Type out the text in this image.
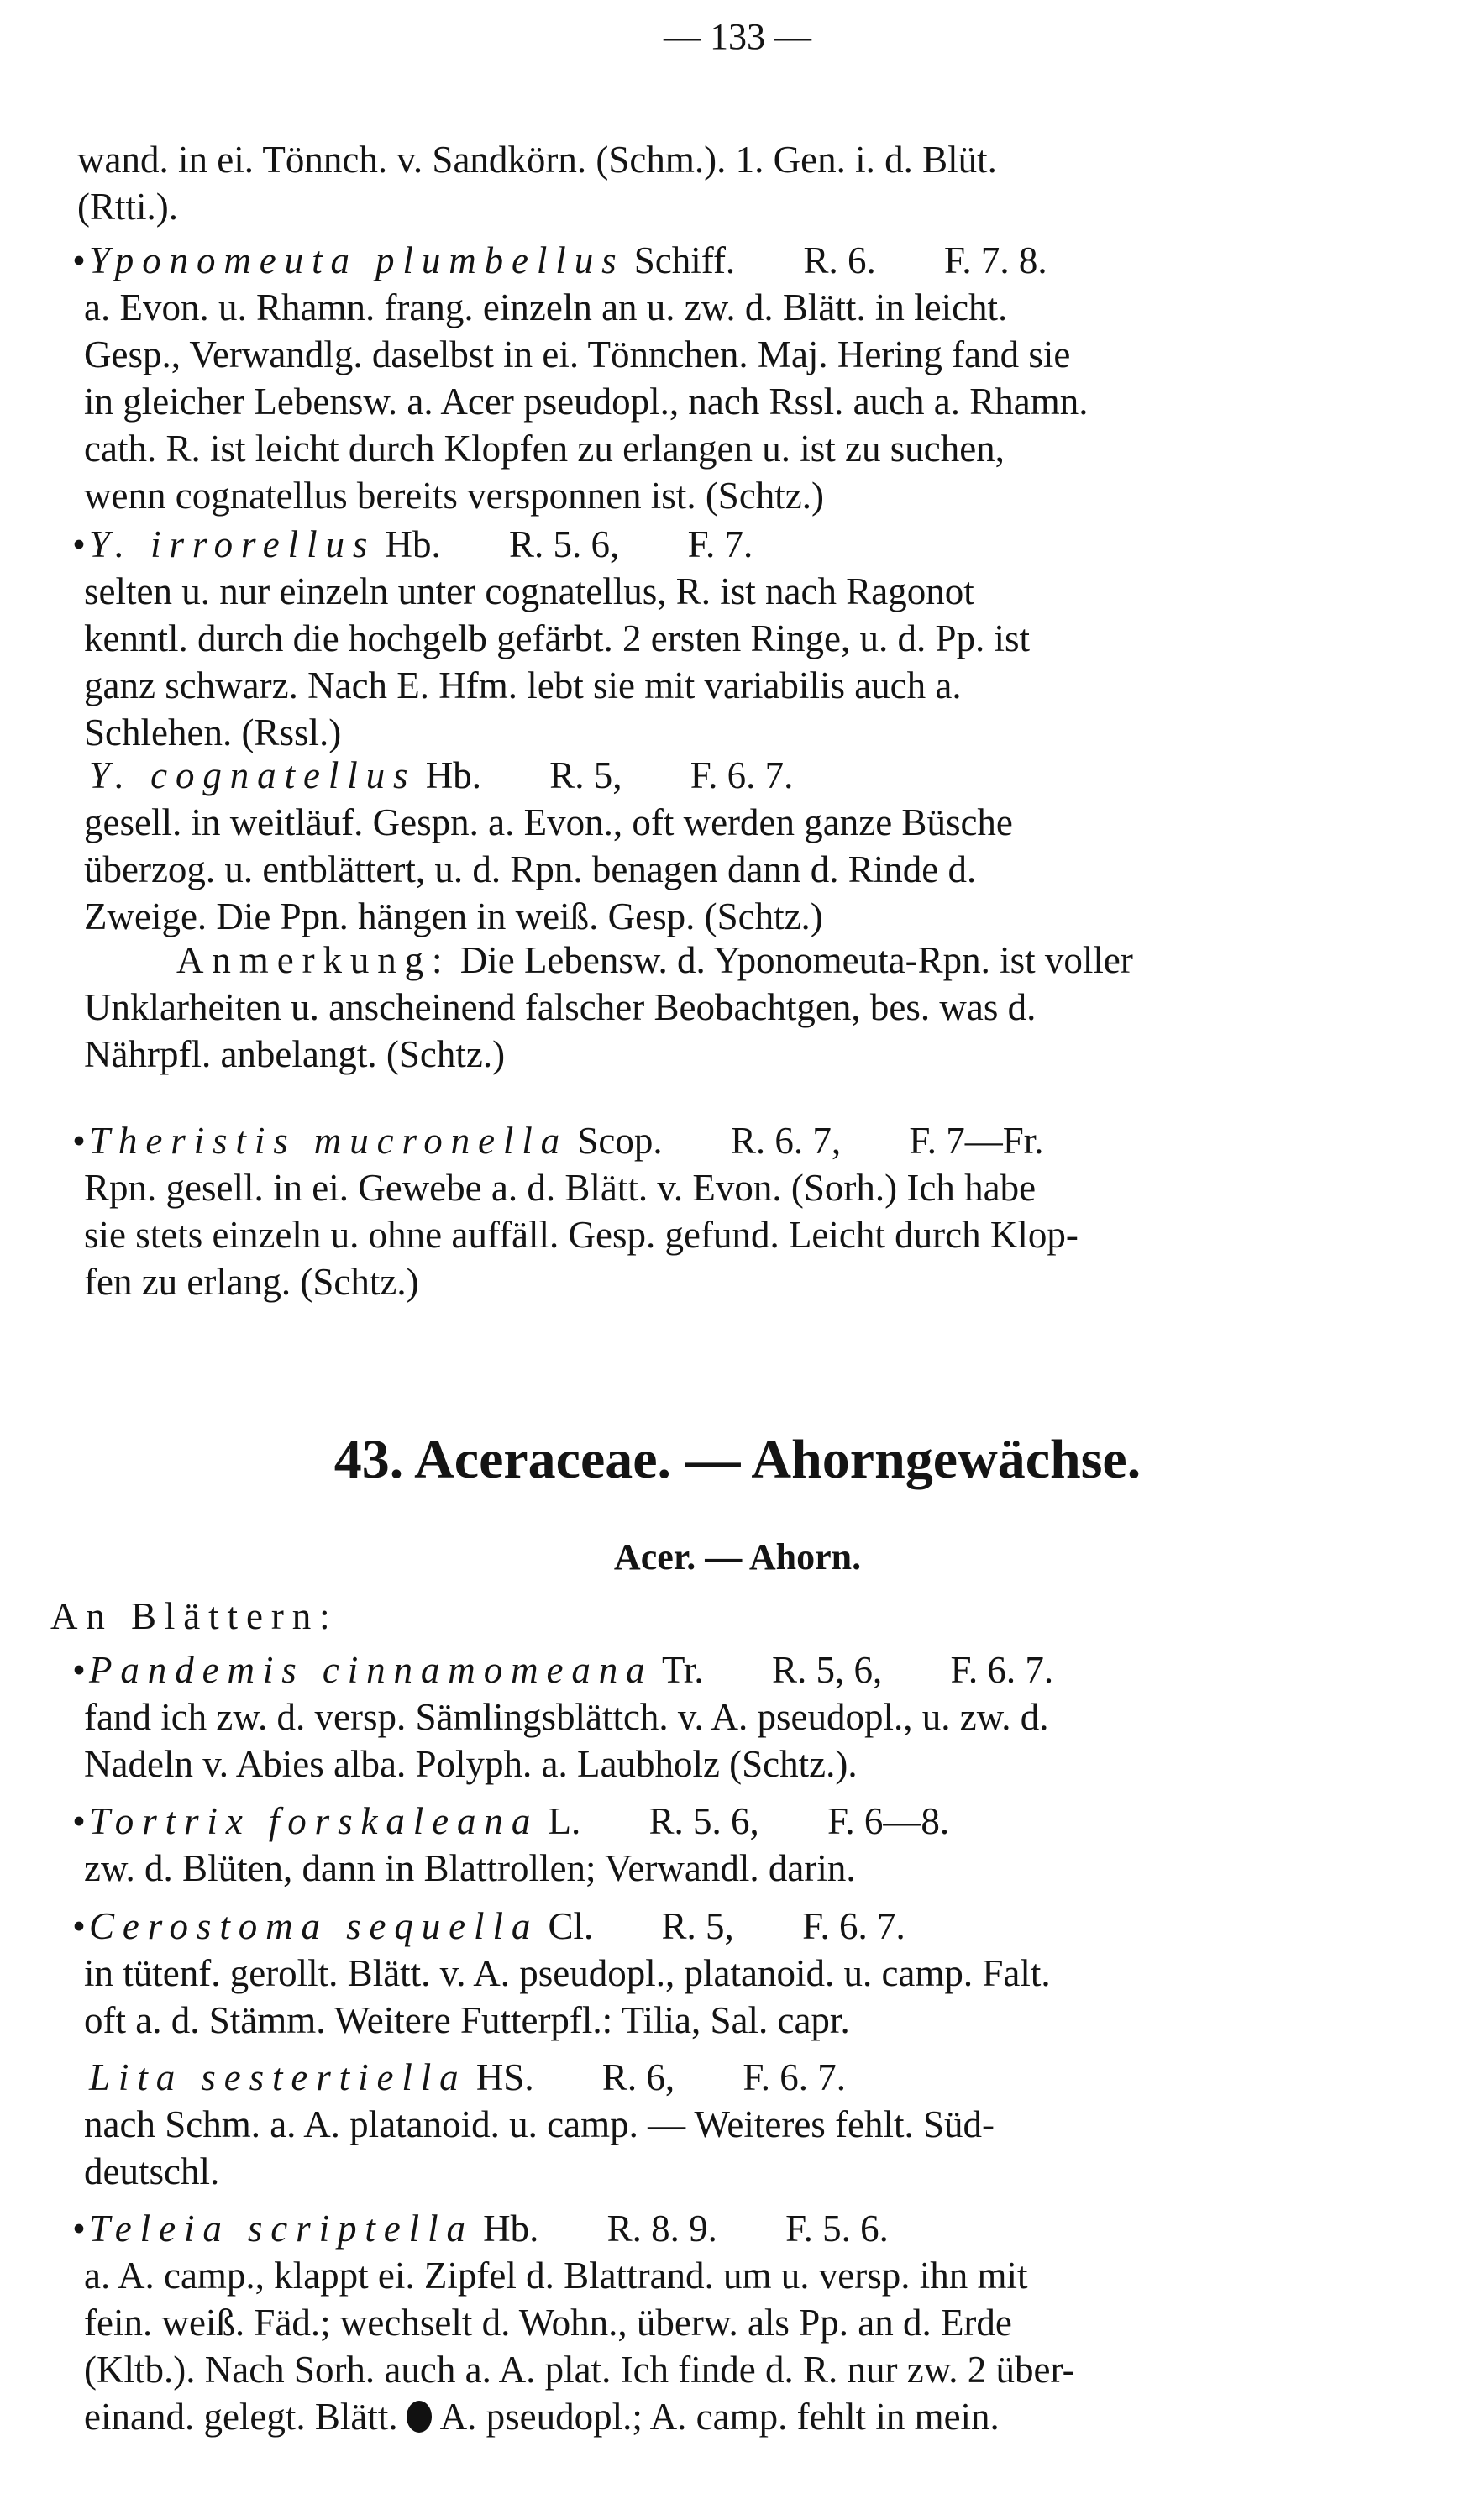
— 133 —
wand. in ei. Tönnch. v. Sandkörn. (Schm.). 1. Gen. i. d. Blüt.
(Rtti.).
•Yponomeuta plumbellus Schiff. R. 6. F. 7. 8.
a. Evon. u. Rhamn. frang. einzeln an u. zw. d. Blätt. in leicht.
Gesp., Verwandlg. daselbst in ei. Tönnchen. Maj. Hering fand sie
in gleicher Lebensw. a. Acer pseudopl., nach Rssl. auch a. Rhamn.
cath. R. ist leicht durch Klopfen zu erlangen u. ist zu suchen,
wenn cognatellus bereits versponnen ist. (Schtz.)
•Y. irrorellus Hb. R. 5. 6, F. 7.
selten u. nur einzeln unter cognatellus, R. ist nach Ragonot
kenntl. durch die hochgelb gefärbt. 2 ersten Ringe, u. d. Pp. ist
ganz schwarz. Nach E. Hfm. lebt sie mit variabilis auch a.
Schlehen. (Rssl.)
Y. cognatellus Hb. R. 5, F. 6. 7.
gesell. in weitläuf. Gespn. a. Evon., oft werden ganze Büsche
überzog. u. entblättert, u. d. Rpn. benagen dann d. Rinde d.
Zweige. Die Ppn. hängen in weiß. Gesp. (Schtz.)
Anmerkung: Die Lebensw. d. Yponomeuta-Rpn. ist voller
Unklarheiten u. anscheinend falscher Beobachtgen, bes. was d.
Nährpfl. anbelangt. (Schtz.)
•Theristis mucronella Scop. R. 6. 7, F. 7—Fr.
Rpn. gesell. in ei. Gewebe a. d. Blätt. v. Evon. (Sorh.) Ich habe
sie stets einzeln u. ohne auffäll. Gesp. gefund. Leicht durch Klop-
fen zu erlang. (Schtz.)
43. Aceraceae. — Ahorngewächse.
Acer. — Ahorn.
An Blättern:
•Pandemis cinnamomeana Tr. R. 5, 6, F. 6. 7.
fand ich zw. d. versp. Sämlingsblättch. v. A. pseudopl., u. zw. d.
Nadeln v. Abies alba. Polyph. a. Laubholz (Schtz.).
•Tortrix forskaleana L. R. 5. 6, F. 6—8.
zw. d. Blüten, dann in Blattrollen; Verwandl. darin.
•Cerostoma sequella Cl. R. 5, F. 6. 7.
in tütenf. gerollt. Blätt. v. A. pseudopl., platanoid. u. camp. Falt.
oft a. d. Stämm. Weitere Futterpfl.: Tilia, Sal. capr.
Lita sestertiella HS. R. 6, F. 6. 7.
nach Schm. a. A. platanoid. u. camp. — Weiteres fehlt. Süd-
deutschl.
•Teleia scriptella Hb. R. 8. 9. F. 5. 6.
a. A. camp., klappt ei. Zipfel d. Blattrand. um u. versp. ihn mit
fein. weiß. Fäd.; wechselt d. Wohn., überw. als Pp. an d. Erde
(Kltb.). Nach Sorh. auch a. A. plat. Ich finde d. R. nur zw. 2 über-
einand. gelegt. Blätt. A. pseudopl.; A. camp. fehlt in mein.
